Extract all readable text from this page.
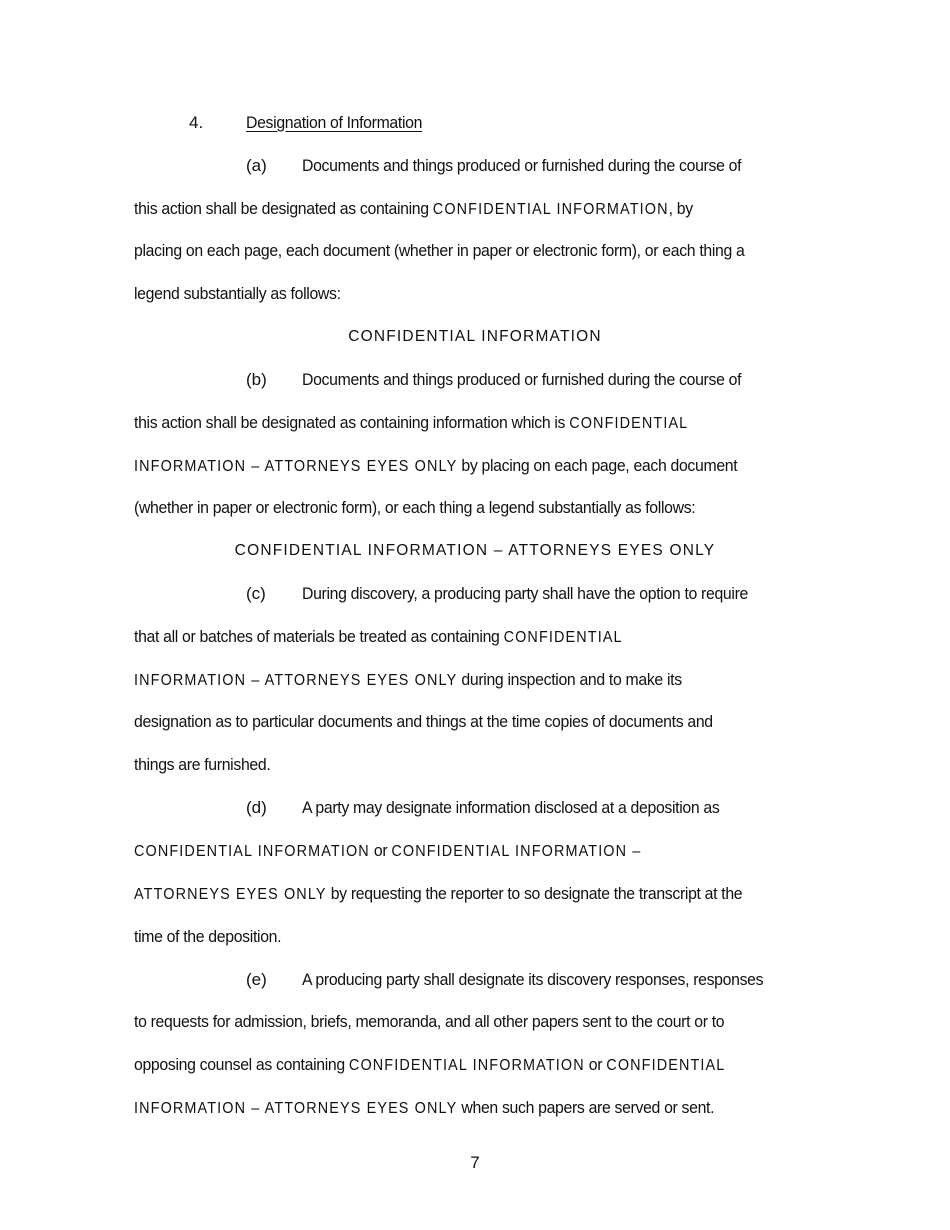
4.	Designation of Information
(a) Documents and things produced or furnished during the course of
this action shall be designated as containing CONFIDENTIAL INFORMATION, by
placing on each page, each document (whether in paper or electronic form), or each thing a
legend substantially as follows:
CONFIDENTIAL INFORMATION
(b) Documents and things produced or furnished during the course of
this action shall be designated as containing information which is CONFIDENTIAL
INFORMATION – ATTORNEYS EYES ONLY by placing on each page, each document
(whether in paper or electronic form), or each thing a legend substantially as follows:
CONFIDENTIAL INFORMATION – ATTORNEYS EYES ONLY
(c) During discovery, a producing party shall have the option to require
that all or batches of materials be treated as containing CONFIDENTIAL
INFORMATION – ATTORNEYS EYES ONLY during inspection and to make its
designation as to particular documents and things at the time copies of documents and
things are furnished.
(d) A party may designate information disclosed at a deposition as
CONFIDENTIAL INFORMATION or CONFIDENTIAL INFORMATION –
ATTORNEYS EYES ONLY by requesting the reporter to so designate the transcript at the
time of the deposition.
(e) A producing party shall designate its discovery responses, responses
to requests for admission, briefs, memoranda, and all other papers sent to the court or to
opposing counsel as containing CONFIDENTIAL INFORMATION or CONFIDENTIAL
INFORMATION – ATTORNEYS EYES ONLY when such papers are served or sent.
7
